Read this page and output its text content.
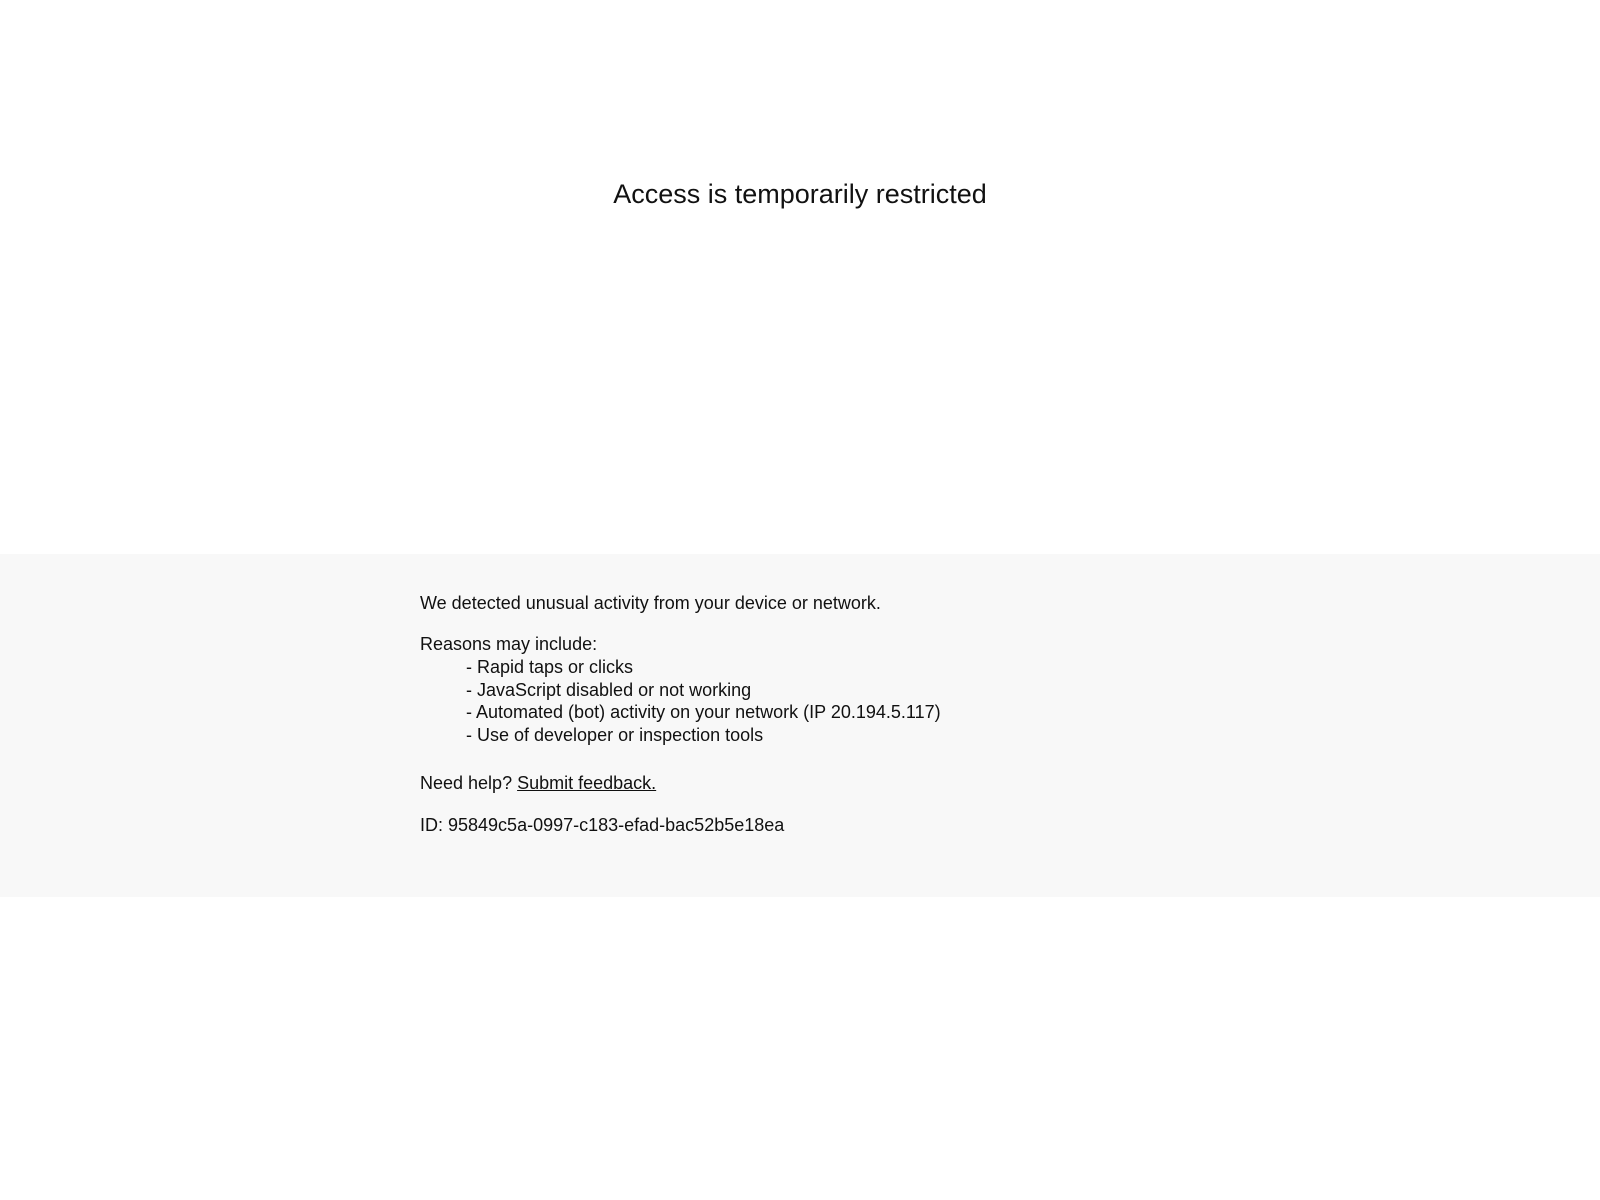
Access is temporarily restricted

We detected unusual activity from your device or network.

Reasons may include:

- Rapid taps or clicks
- JavaScript disabled or not working
- Automated (bot) activity on your network (IP 20.194.5.117)
- Use of developer or inspection tools

Need help? Submit feedback.

ID: 95849c5a-0997-c183-efad-bac52b5e18ea
